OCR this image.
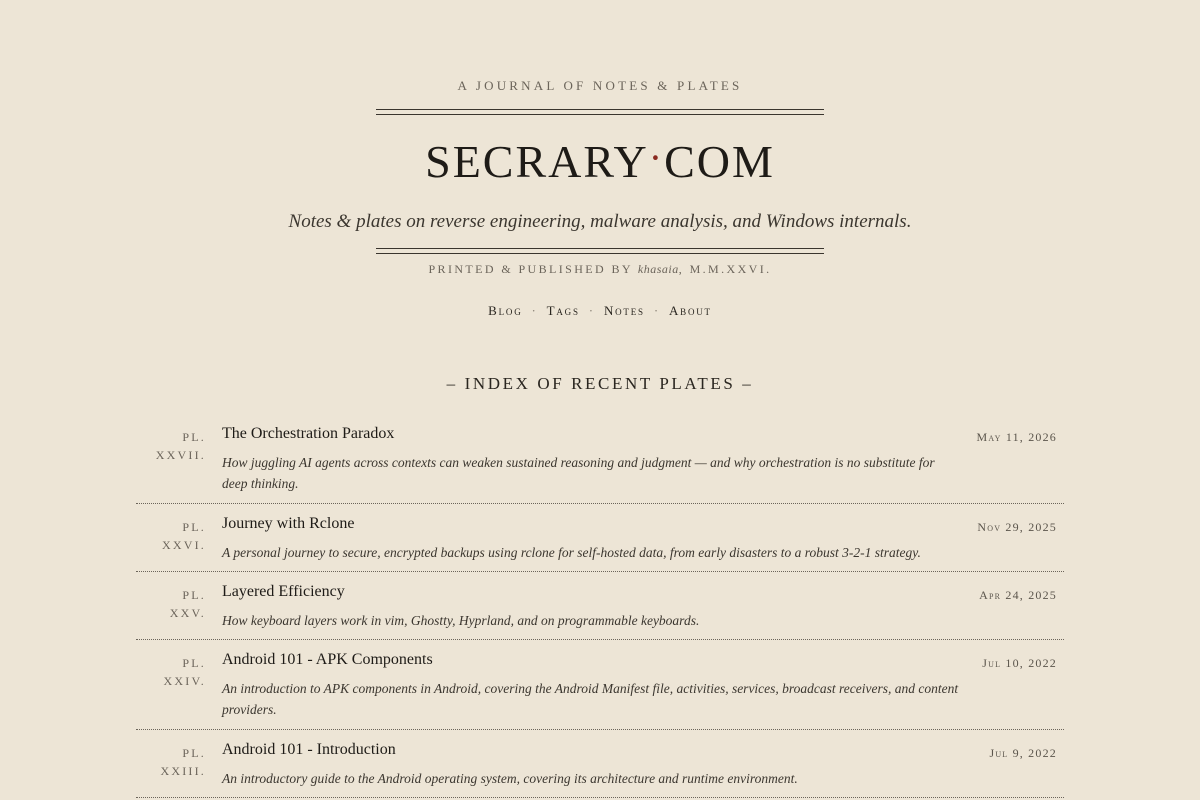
A JOURNAL OF NOTES & PLATES
SECRARY·COM
Notes & plates on reverse engineering, malware analysis, and Windows internals.
PRINTED & PUBLISHED BY khasaia, M.M.XXVI.
Blog · Tags · Notes · About
– INDEX OF RECENT PLATES –
PL.
XXVII.
The Orchestration Paradox	May 11, 2026
How juggling AI agents across contexts can weaken sustained reasoning and judgment — and why orchestration is no substitute for deep thinking.
PL.
XXVI.
Journey with Rclone	Nov 29, 2025
A personal journey to secure, encrypted backups using rclone for self-hosted data, from early disasters to a robust 3-2-1 strategy.
PL.
XXV.
Layered Efficiency	Apr 24, 2025
How keyboard layers work in vim, Ghostty, Hyprland, and on programmable keyboards.
PL.
XXIV.
Android 101 - APK Components	Jul 10, 2022
An introduction to APK components in Android, covering the Android Manifest file, activities, services, broadcast receivers, and content providers.
PL.
XXIII.
Android 101 - Introduction	Jul 9, 2022
An introductory guide to the Android operating system, covering its architecture and runtime environment.
